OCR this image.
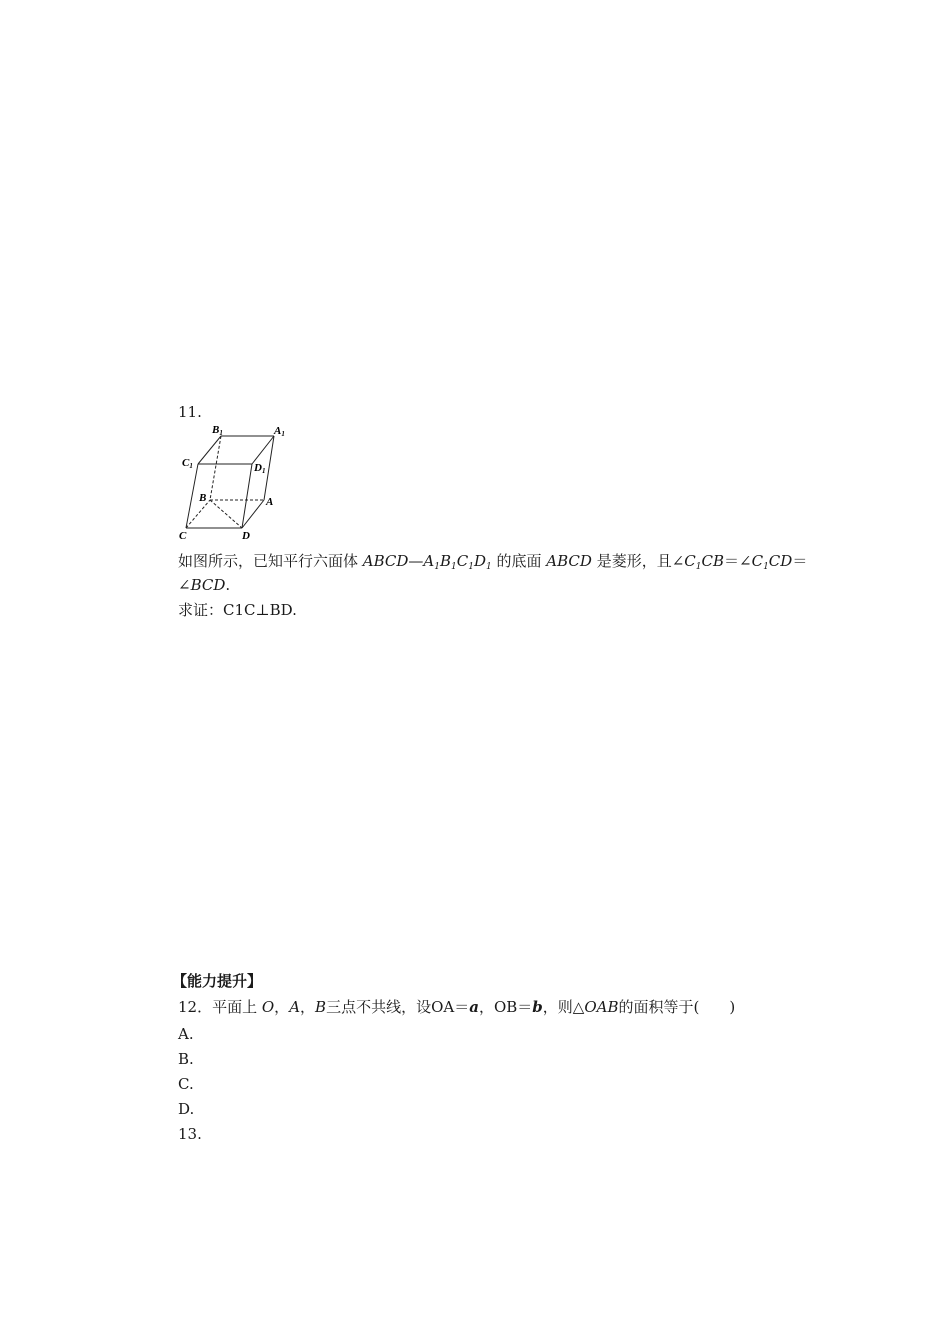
11.
B1	A1
C1	D1
B	A
C	D
如图所示，已知平行六面体 $ABCD—A_1B_1C_1D_1$ 的底面 ABCD 是菱形，且$\angle C_1CB=\angle C_1CD=$
∠BCD.
求证：C1C⊥BD.
【能力提升】
12．平面上 O，A，B三点不共线，设OA＝a，OB＝b，则△OAB的面积等于(　　)
A.
B.
C.
D.
13.
